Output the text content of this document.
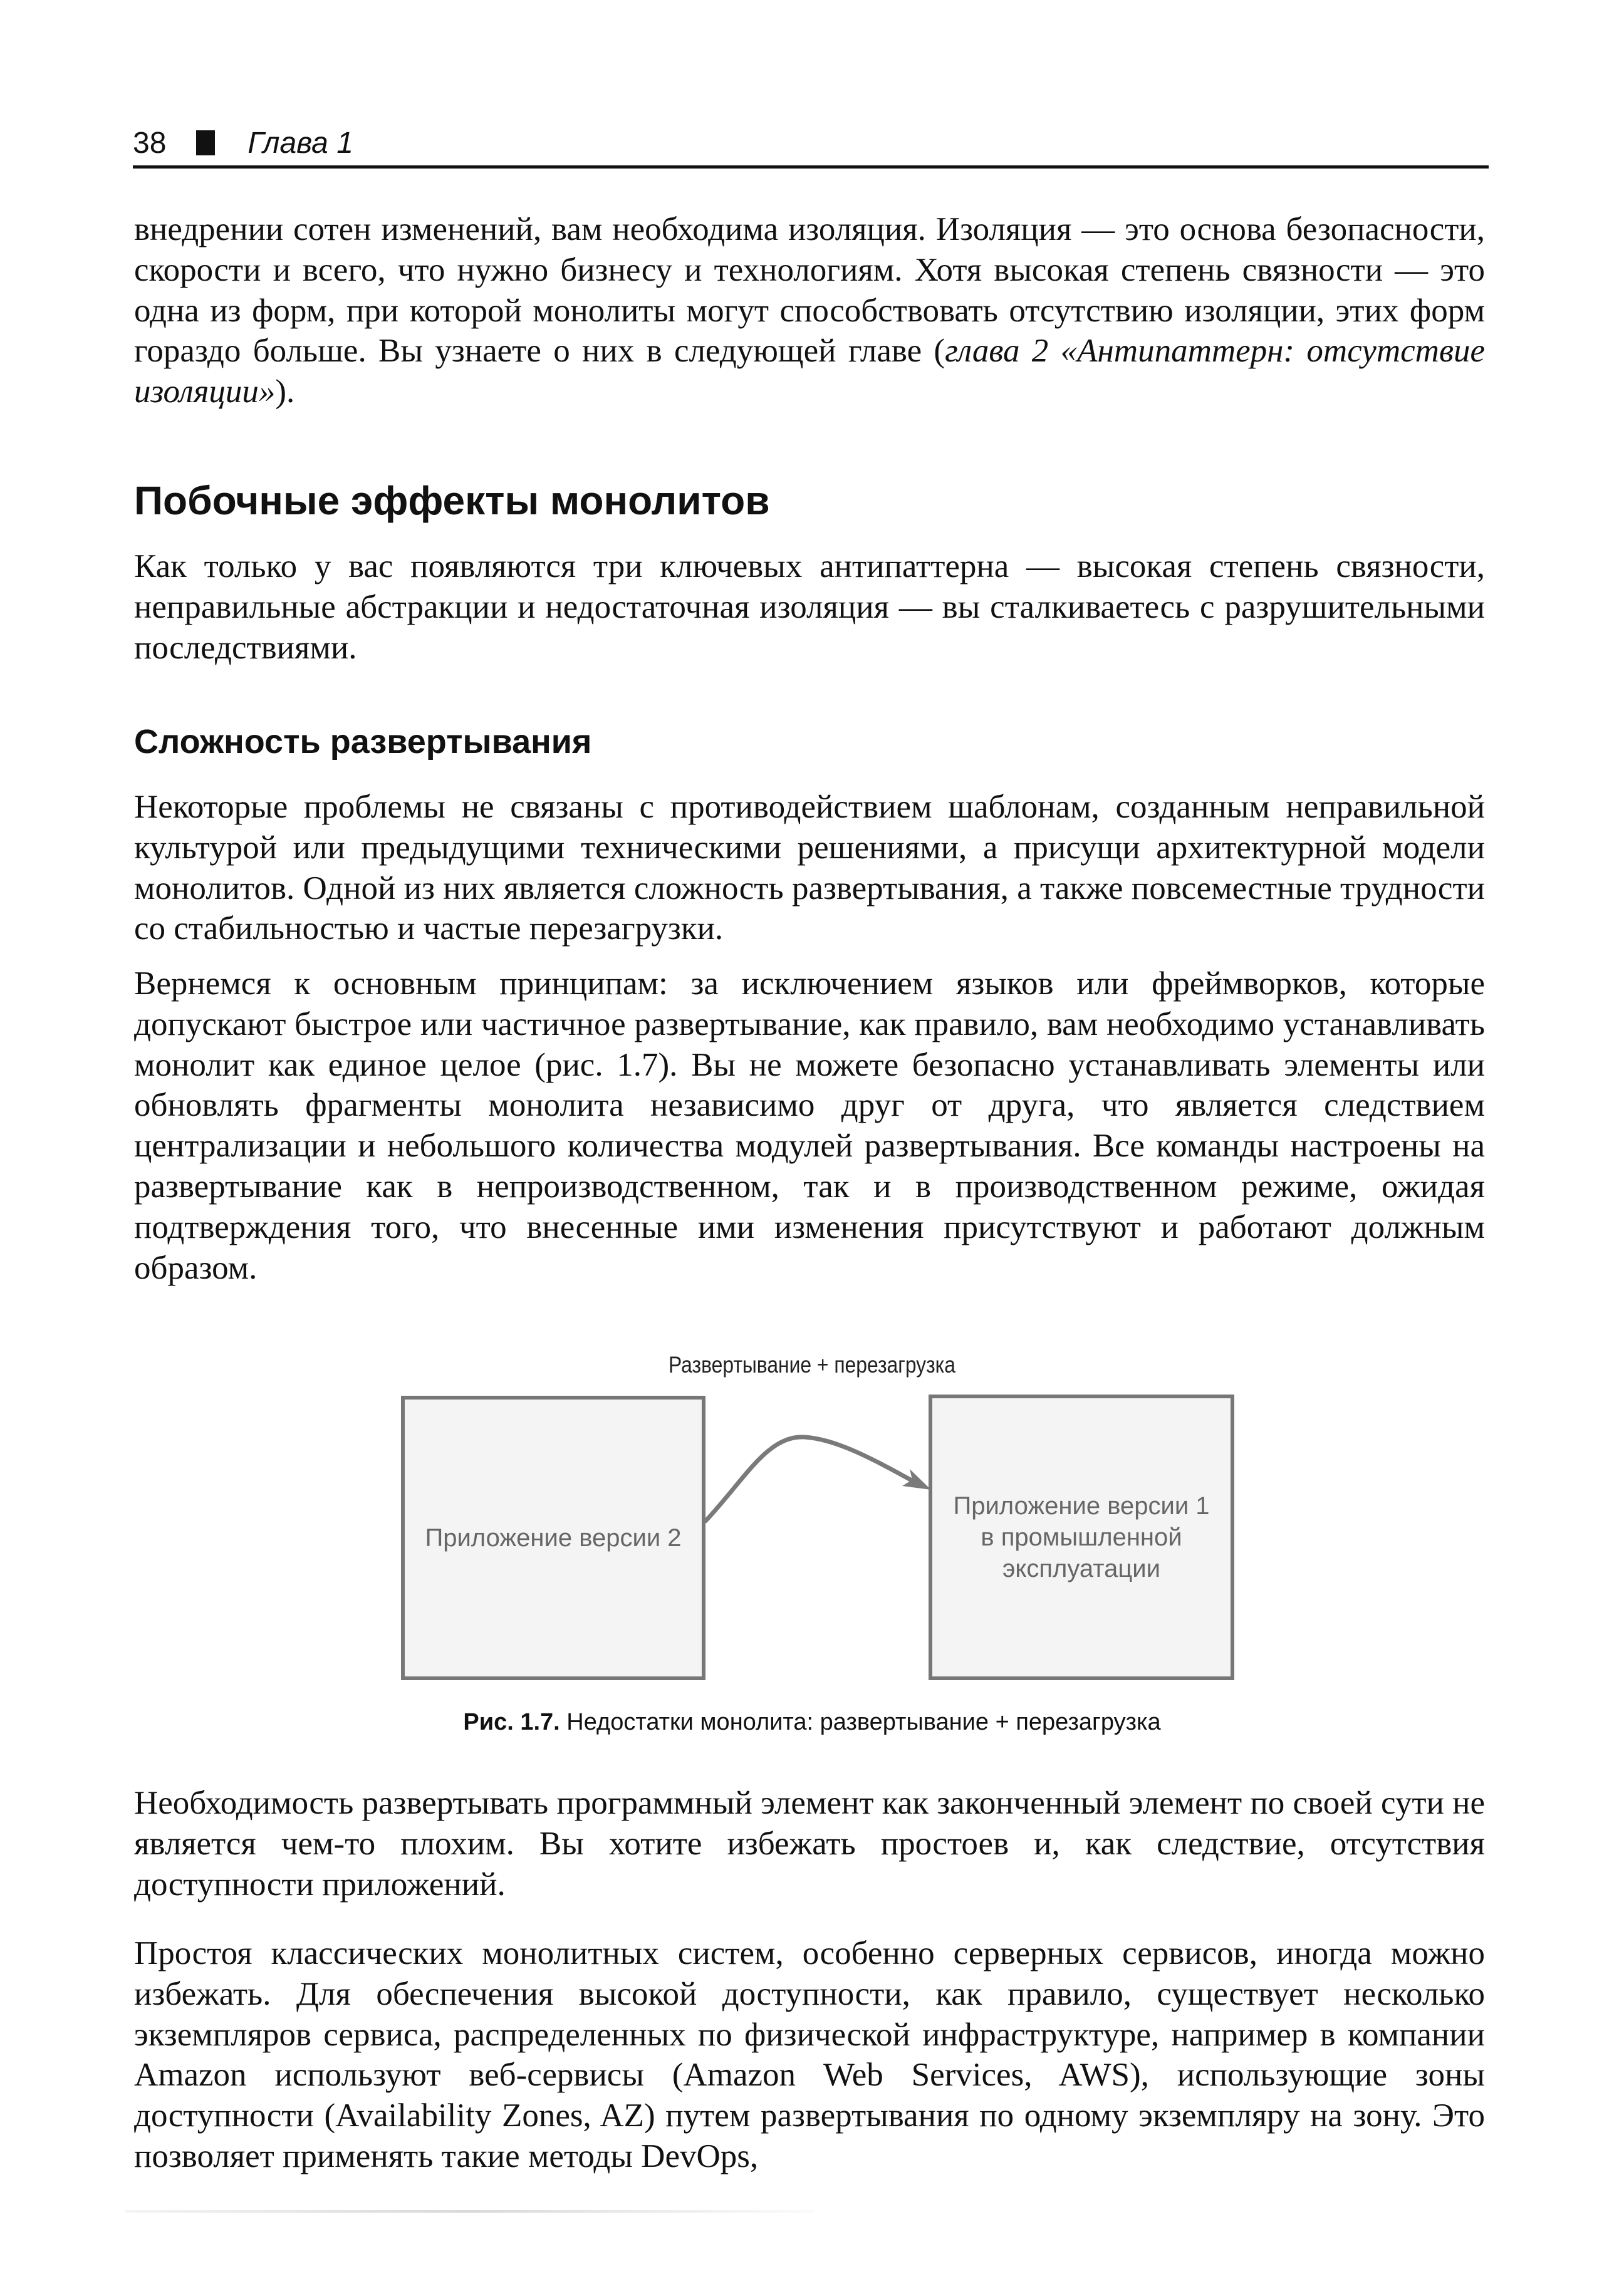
38	Глава 1

внедрении сотен изменений, вам необходима изоляция. Изоляция — это основа безопасности, скорости и всего, что нужно бизнесу и технологиям. Хотя высокая степень связности — это одна из форм, при которой монолиты могут способствовать отсутствию изоляции, этих форм гораздо больше. Вы узнаете о них в следующей главе (глава 2 «Антипаттерн: отсутствие изоляции»).

Побочные эффекты монолитов

Как только у вас появляются три ключевых антипаттерна — высокая степень связности, неправильные абстракции и недостаточная изоляция — вы сталкиваетесь с разрушительными последствиями.

Сложность развертывания

Некоторые проблемы не связаны с противодействием шаблонам, созданным неправильной культурой или предыдущими техническими решениями, а присущи архитектурной модели монолитов. Одной из них является сложность развертывания, а также повсеместные трудности со стабильностью и частые перезагрузки.

Вернемся к основным принципам: за исключением языков или фреймворков, которые допускают быстрое или частичное развертывание, как правило, вам необходимо устанавливать монолит как единое целое (рис. 1.7). Вы не можете безопасно устанавливать элементы или обновлять фрагменты монолита независимо друг от друга, что является следствием централизации и небольшого количества модулей развертывания. Все команды настроены на развертывание как в непроизводственном, так и в производственном режиме, ожидая подтверждения того, что внесенные ими изменения присутствуют и работают должным образом.

Развертывание + перезагрузка
Приложение версии 2
Приложение версии 1
в промышленной
эксплуатации
Рис. 1.7. Недостатки монолита: развертывание + перезагрузка

Необходимость развертывать программный элемент как законченный элемент по своей сути не является чем-то плохим. Вы хотите избежать простоев и, как следствие, отсутствия доступности приложений.

Простоя классических монолитных систем, особенно серверных сервисов, иногда можно избежать. Для обеспечения высокой доступности, как правило, существует несколько экземпляров сервиса, распределенных по физической инфраструктуре, например в компании Amazon используют веб-сервисы (Amazon Web Services, AWS), использующие зоны доступности (Availability Zones, AZ) путем развертывания по одному экземпляру на зону. Это позволяет применять такие методы DevOps,
